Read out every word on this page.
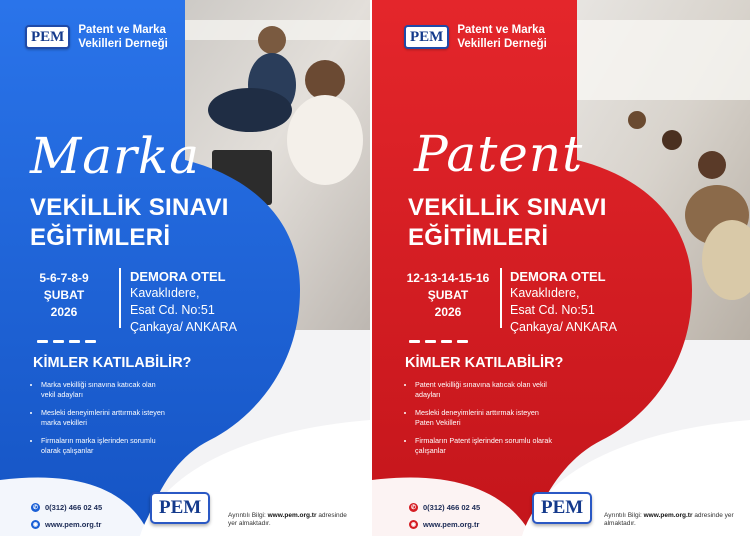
PEM	Patent ve Marka
Vekilleri Derneği
Marka
VEKİLLİK SINAVI
EĞİTİMLERİ
5-6-7-8-9
ŞUBAT
2026
DEMORA OTEL
Kavaklıdere,
Esat Cd. No:51
Çankaya/ ANKARA
KİMLER KATILABİLİR?
• Marka vekilliği sınavına katıcak olan vekil adayları
• Mesleki deneyimlerini arttırmak isteyen marka vekilleri
• Firmaların marka işlerinden sorumlu olarak çalışanlar
✆ 0(312) 466 02 45
◉ www.pem.org.tr
PEM	Ayrıntılı Bilgi: www.pem.org.tr adresinde yer almaktadır.
PEM	Patent ve Marka
Vekilleri Derneği
Patent
VEKİLLİK SINAVI
EĞİTİMLERİ
12-13-14-15-16
ŞUBAT
2026
DEMORA OTEL
Kavaklıdere,
Esat Cd. No:51
Çankaya/ ANKARA
KİMLER KATILABİLİR?
• Patent vekilliği sınavına katıcak olan vekil adayları
• Mesleki deneyimlerini arttırmak isteyen Paten Vekilleri
• Firmaların Patent işlerinden sorumlu olarak çalışanlar
✆ 0(312) 466 02 45
◉ www.pem.org.tr
PEM	Ayrıntılı Bilgi: www.pem.org.tr adresinde yer almaktadır.
